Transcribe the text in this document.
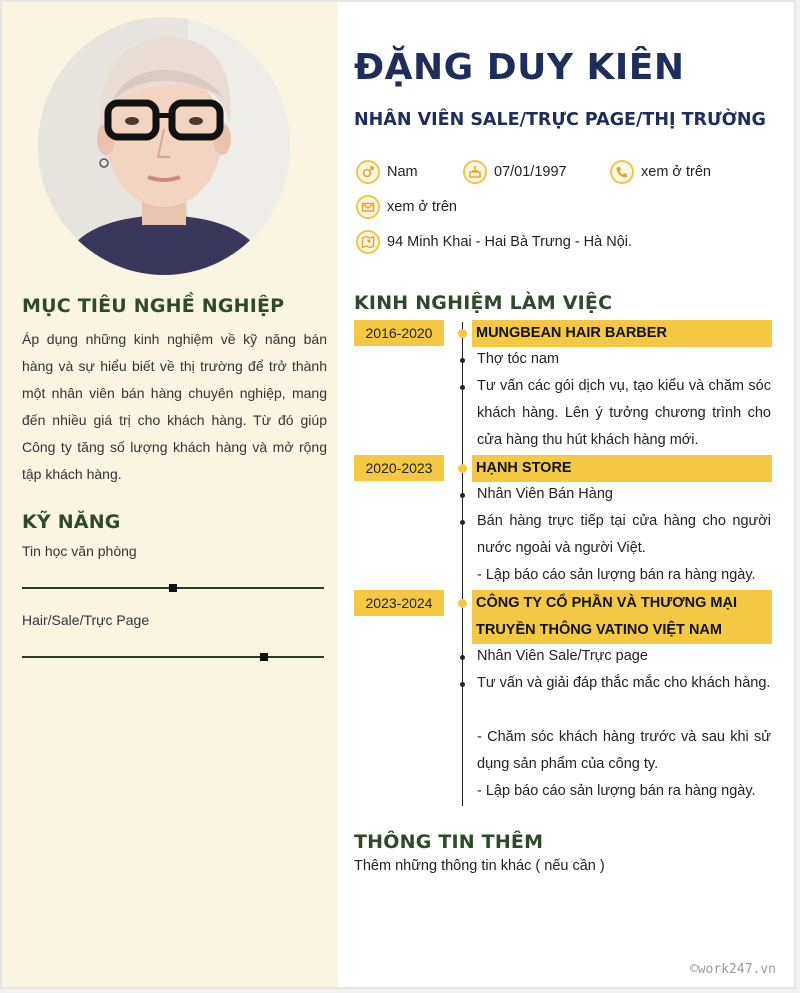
MỤC TIÊU NGHỀ NGHIỆP
Áp dụng những kinh nghiệm về kỹ năng bán hàng và sự hiểu biết về thị trường để trở thành một nhân viên bán hàng chuyên nghiệp, mang đến nhiều giá trị cho khách hàng. Từ đó giúp Công ty tăng số lượng khách hàng và mở rộng tập khách hàng.
KỸ NĂNG
Tin học văn phòng
Hair/Sale/Trực Page
ĐẶNG DUY KIÊN
NHÂN VIÊN SALE/TRỰC PAGE/THỊ TRƯỜNG
Nam	07/01/1997	xem ở trên
xem ở trên
94 Minh Khai - Hai Bà Trưng - Hà Nội.
KINH NGHIỆM LÀM VIỆC
2016-2020	MUNGBEAN HAIR BARBER
Thợ tóc nam
Tư vấn các gói dịch vụ, tạo kiểu và chăm sóc khách hàng. Lên ý tưởng chương trình cho cửa hàng thu hút khách hàng mới.
2020-2023	HẠNH STORE
Nhân Viên Bán Hàng
Bán hàng trực tiếp tại cửa hàng cho người nước ngoài và người Việt.
- Lập báo cáo sản lượng bán ra hàng ngày.
2023-2024	CÔNG TY CỔ PHẦN VÀ THƯƠNG MẠI TRUYỀN THÔNG VATINO VIỆT NAM
Nhân Viên Sale/Trực page
Tư vấn và giải đáp thắc mắc cho khách hàng.
- Chăm sóc khách hàng trước và sau khi sử dụng sản phẩm của công ty.
- Lập báo cáo sản lượng bán ra hàng ngày.
THÔNG TIN THÊM
Thêm những thông tin khác ( nếu cần )
©work247.vn
